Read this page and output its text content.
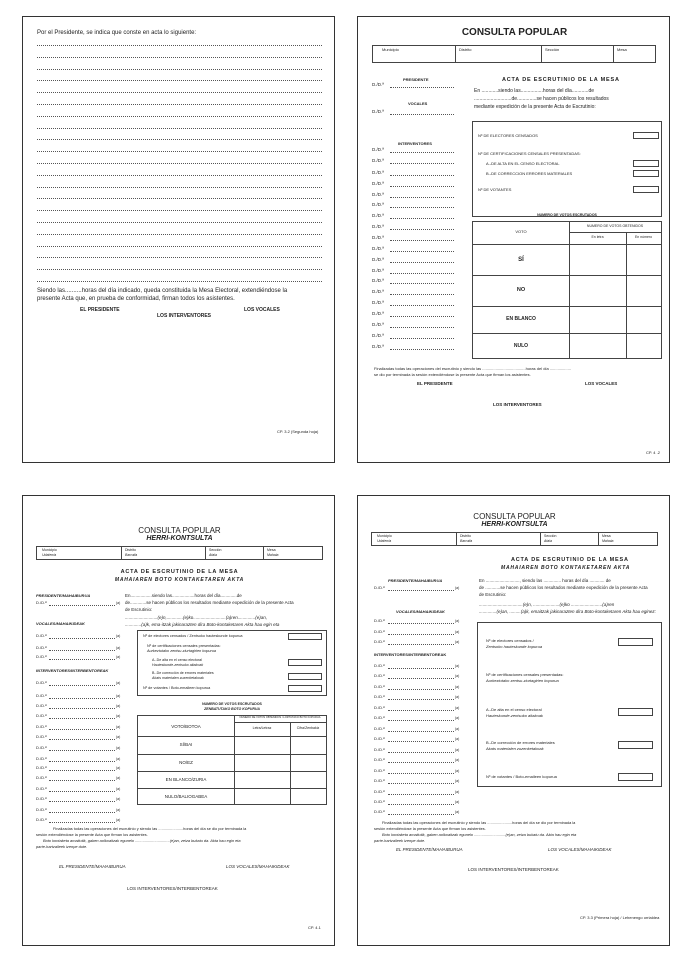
Por el Presidente, se indica que conste en acta lo siguiente:
Siendo las..........horas del día indicado, queda constituida la Mesa Electoral, extendiéndose la
presente Acta que, en prueba de conformidad, firman todos los asistentes.
EL PRESIDENTE	LOS VOCALES
LOS INTERVENTORES
CP. 3.2 (Segunda hoja)
CONSULTA POPULAR
Municipio	Distrito	Sección	Mesa
PRESIDENTE
VOCALES
INTERVENTORES
D./D.ª
D./D.ª
D./D.ª
D./D.ª
D./D.ª
D./D.ª
D./D.ª
D./D.ª
D./D.ª
D./D.ª
D./D.ª
D./D.ª
D./D.ª
D./D.ª
D./D.ª
D./D.ª
D./D.ª
D./D.ª
D./D.ª
D./D.ª
D./D.ª
ACTA DE ESCRUTINIO DE LA MESA
En ............siendo las................horas del día............de
...........................de..............se hacen públicos los resultados
mediante expedición de la presente Acta de Escrutinio:
Nº DE ELECTORES CENSADOS
Nº DE CERTIFICACIONES CENSALES PRESENTADAS:
A.-DE ALTA EN EL CENSO ELECTORAL
B.-DE CORRECCION ERRORES MATERIALES
Nº DE VOTANTES
NUMERO DE VOTOS ESCRUTADOS
VOTO
NUMERO DE VOTOS OBTENIDOS
En letra	En número
SÍ
NO
EN BLANCO
NULO
Finalizadas todas las operaciones del escrutinio y siendo las .......................................horas del día ...................
se dio por terminada la sesión extendiéndose la presente Acta que firman los asistentes.
EL PRESIDENTE	LOS VOCALES
LOS INTERVENTORES
CP. 4 .2
CONSULTA POPULAR
HERRI-KONTSULTA
Municipio
Udalerria
Distrito
Barrutia
Sección
Atala
Mesa
Mahaia
ACTA DE ESCRUTINIO DE LA MESA
MAHAIAREN BOTO KONTAKETAREN AKTA
PRESIDENTE/MAHAIBURUA
VOCALES/MAHAIKIDEAK
INTERVENTORES/INTERBENTOREAK
D./D.ª	(a)
D./D.ª	(a)
D./D.ª	(a)
D./D.ª	(a)
D./D.ª	(a)
D./D.ª	(a)
D./D.ª	(a)
D./D.ª	(a)
D./D.ª	(a)
D./D.ª	(a)
D./D.ª	(a)
D./D.ª	(a)
D./D.ª	(a)
D./D.ª	(a)
D./D.ª	(a)
D./D.ª	(a)
D./D.ª	(a)
D./D.ª	(a)
En.................siendo las..................horas del día.............de
de.............se hacen públicos los resultados mediante expedición de la presente Acta
de Escrutinio:
..........................(e)n,.............(e)ko..........................(a)ren..............(e)an,
.............(a)k, ema-itzak jakinarazten dira Boto-kontaketaren Akta hau egin eta
Nº de electores censados / Zentsoko hauteskunde kopurua
Nº de certificaciones censales presentadas:
Aurkeztutako zentsu-ziurtagirien kopurua
A.-De alta en el censo electoral
Hauteskunde-zentsuko altakoak
B.-De corrección de errores materiales
Akats materialen zuzenketakoak
Nº de votantes / Boto-emaileen kopurua
NUMERO DE VOTOS ESCRUTADOS
ZENBATUTAKO BOTO KOPURUA
VOTO/BOTOA
NUMERO DE VOTOS OBTENIDOS / LORTUTAKO BOTO KOPURUA
Letra/Letraz	Cifra/Zenbakiz
SÍ/BAI
NO/EZ
EN BLANCO/ZURIA
NULO/BALIOGABEA
Finalizadas todas las operaciones del escrutinio y siendo las .......................horas del día se dio por terminada la
sesión extendiéndose la presente Acta que firman los asistentes.
Boto kontaketa amaitutik, gaben aolkoaitzak egunelo ................................(e)an, zeiza bukatu da. Akta hau egin eta
parte-hartzaileek izenpe dute.
EL PRESIDENTE/MAHAIBURUA	LOS VOCALES/MAHAIKIDEAK
LOS INTERVENTORES/INTERBENTOREAK
CP. 4.1
CONSULTA POPULAR
HERRI-KONTSULTA
Municipio
Udalerria
Distrito
Barrutia
Sección
Atala
Mesa
Mahaia
ACTA DE ESCRUTINIO DE LA MESA
MAHAIAREN BOTO KONTAKETAREN AKTA
PRESIDENTE/MAHAIBURUA
VOCALES/MAHAIKIDEAK
INTERVENTORES/INTERBENTOREAK
D./D.ª	(a)
D./D.ª	(a)
D./D.ª	(a)
D./D.ª	(a)
D./D.ª	(a)
D./D.ª	(a)
D./D.ª	(a)
D./D.ª	(a)
D./D.ª	(a)
D./D.ª	(a)
D./D.ª	(a)
D./D.ª	(a)
D./D.ª	(a)
D./D.ª	(a)
D./D.ª	(a)
D./D.ª	(a)
D./D.ª	(a)
D./D.ª	(a)
D./D.ª	(a)
En ..........................., siendo las .............. horas del día ............ de
de ............se hacen públicos los resultados mediante expedición de la presente Acta
de Escrutinio:
...................................(e)n, .....................(e)ko .........................(a)ren
..............(e)an, .........(a)k, emaitzak jakinarazten dira Boto-kontaketaren Akta hau eginez:
Nº de electores censados /
Zentsoko hauteskunde kopurua
Nº de certificaciones censales presentadas:
Aurkeztutako zentsu-ziurtagirien kopurua
A.-De alta en el censo electoral
Hauteskunde-zentsuko altakoak
B.-De corrección de errores materiales
Akats materialen zuzenketakoak
Nº de votantes / Boto-emaileen kopurua
Finalizadas todas las operaciones del escrutinio y siendo las .......................horas del día se dio por terminada la
sesión extendiéndose la presente Acta que firman los asistentes.
Boto kontaketa amaitutik, gaben aolkoaitzak egunelo .............................(e)an, zeiza bukatu da. Akta hau egin eta
parte-hartzaileek izenpe dute.
EL PRESIDENTE/MAHAIBURUA	LOS VOCALES/MAHAIKIDEAK
LOS INTERVENTORES/INTERBENTOREAK
CP. 3.3 (Primera hoja) / Lehenengo orrialdea
